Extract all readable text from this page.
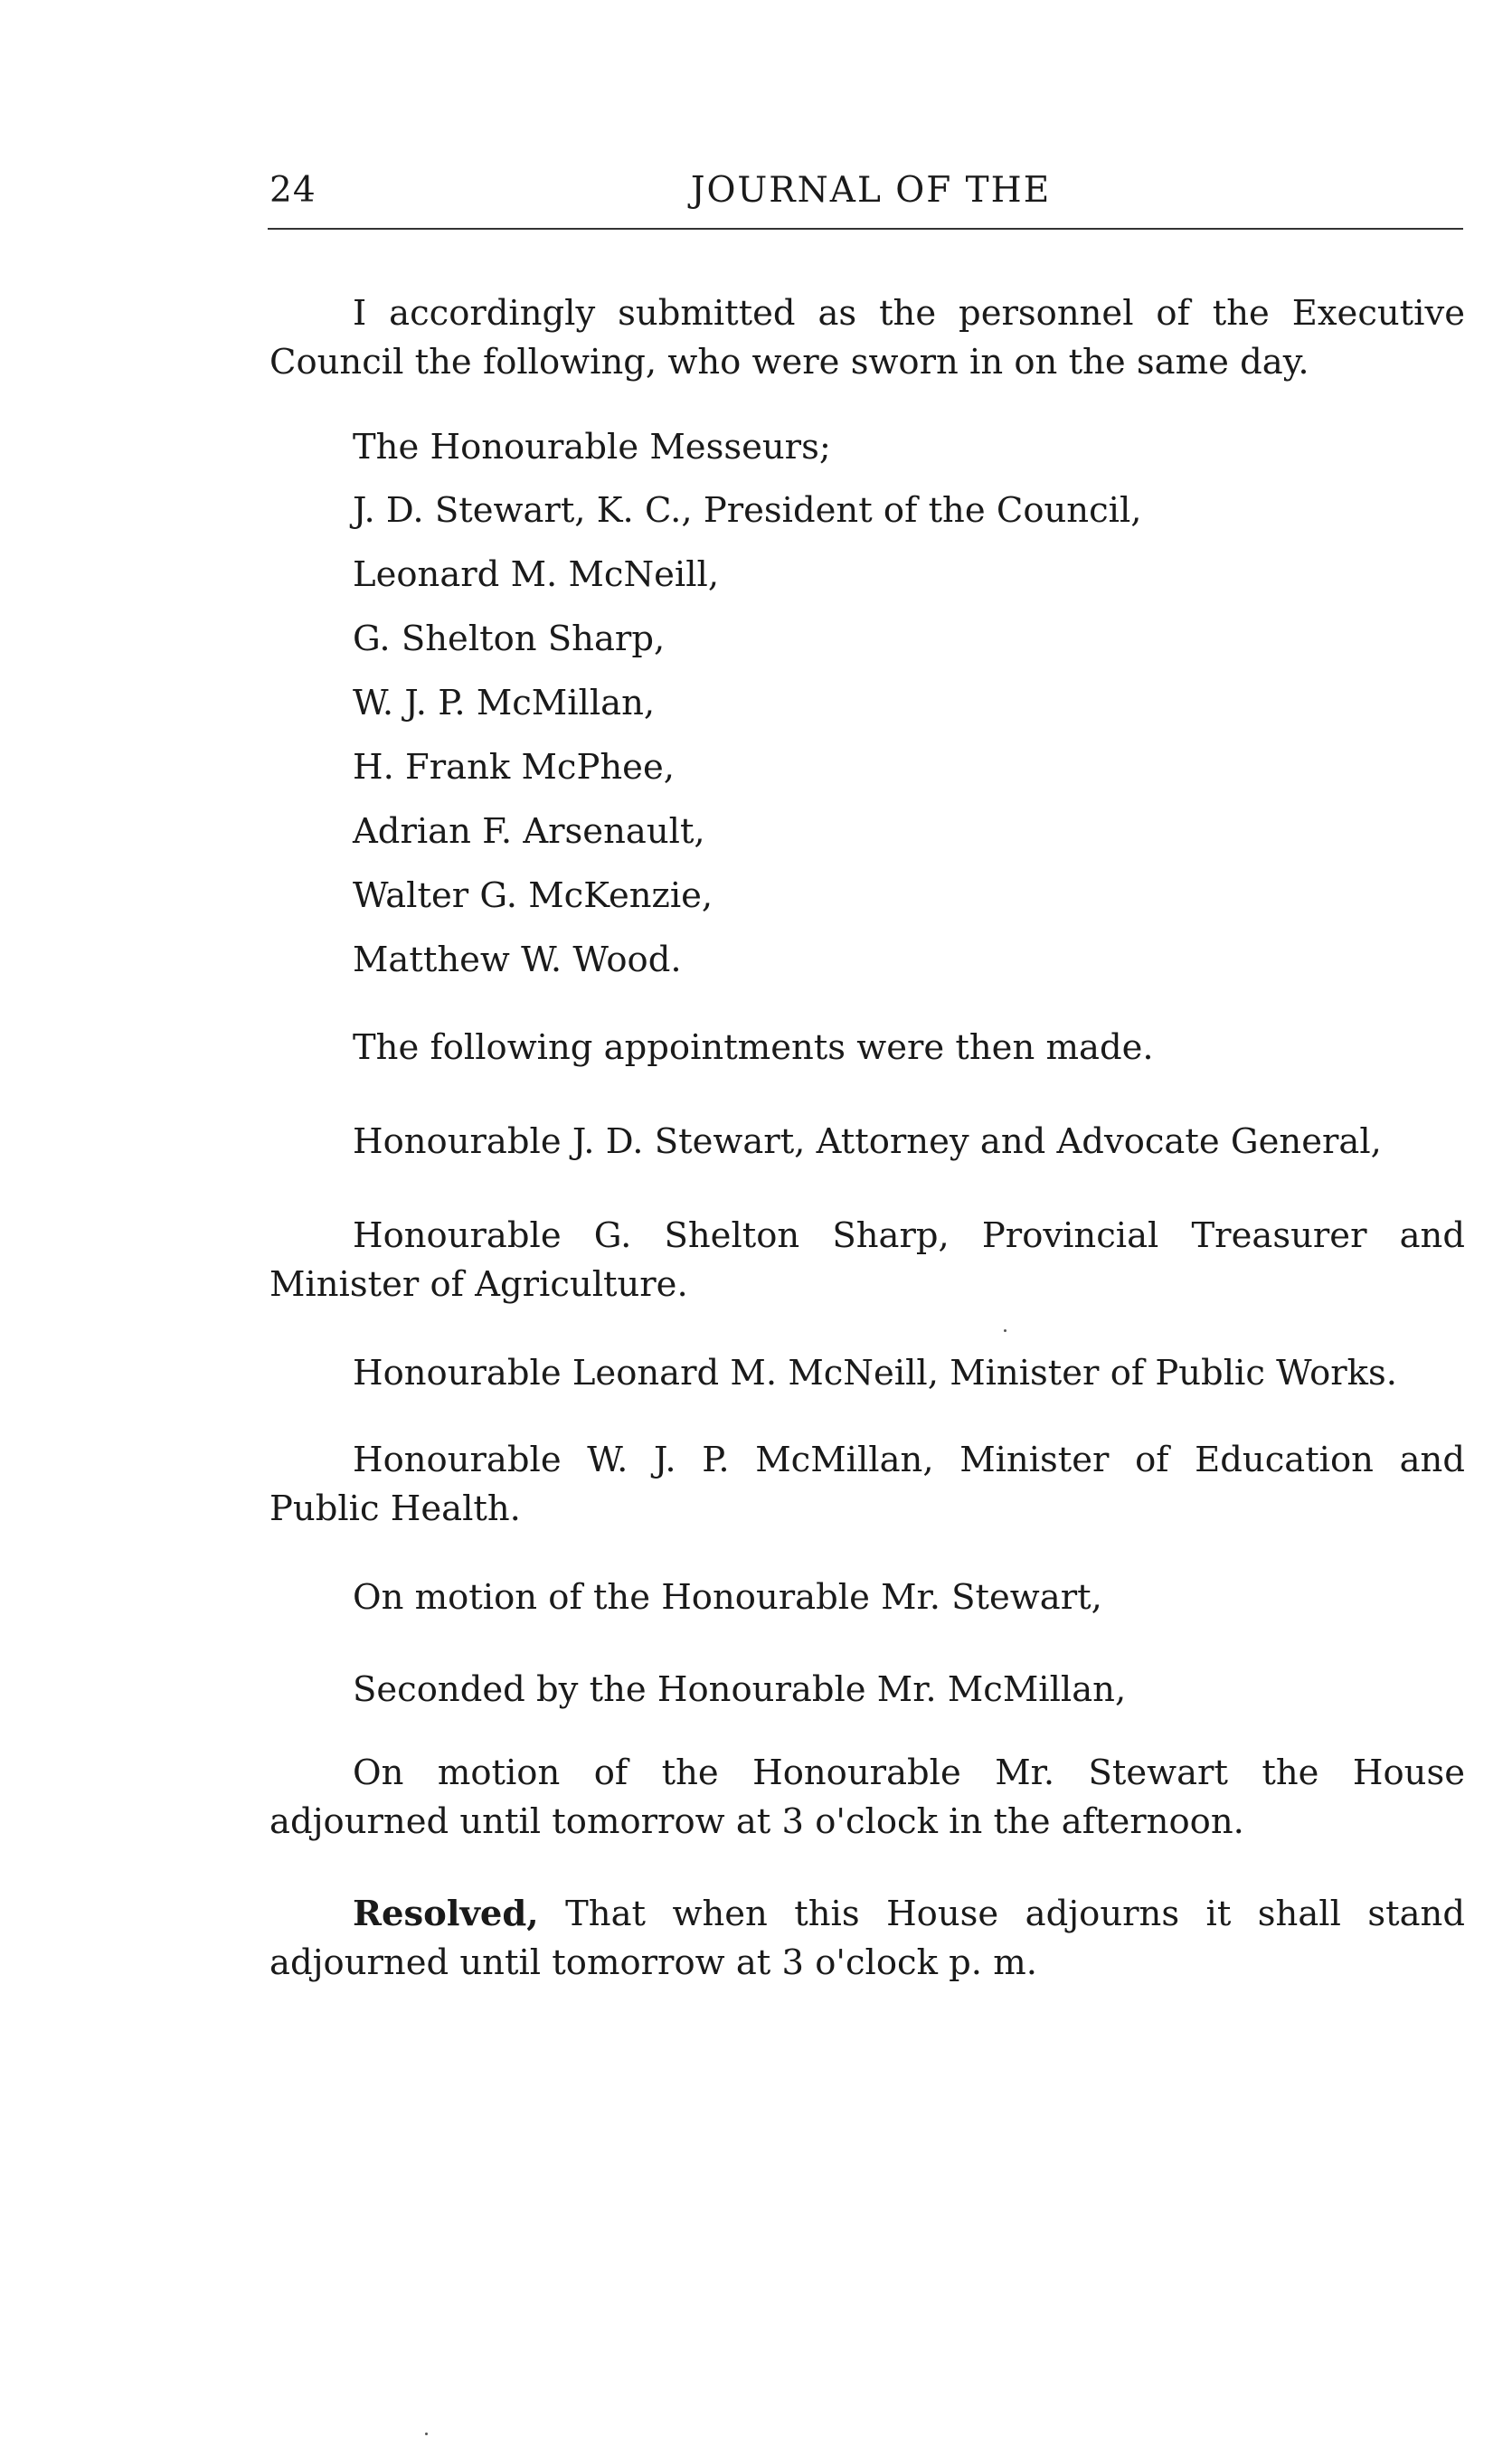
24	JOURNAL OF THE

I accordingly submitted as the personnel of the Executive Council the following, who were sworn in on the same day.

The Honourable Messeurs;
J. D. Stewart, K. C., President of the Council,
Leonard M. McNeill,
G. Shelton Sharp,
W. J. P. McMillan,
H. Frank McPhee,
Adrian F. Arsenault,
Walter G. McKenzie,
Matthew W. Wood.
The following appointments were then made.
Honourable J. D. Stewart, Attorney and Advocate General,

Honourable G. Shelton Sharp, Provincial Treasurer and Minister of Agriculture.

Honourable Leonard M. McNeill, Minister of Public Works.

Honourable W. J. P. McMillan, Minister of Education and Public Health.

On motion of the Honourable Mr. Stewart,
Seconded by the Honourable Mr. McMillan,

On motion of the Honourable Mr. Stewart the House adjourned until tomorrow at 3 o'clock in the afternoon.

Resolved, That when this House adjourns it shall stand adjourned until tomorrow at 3 o'clock p. m.
